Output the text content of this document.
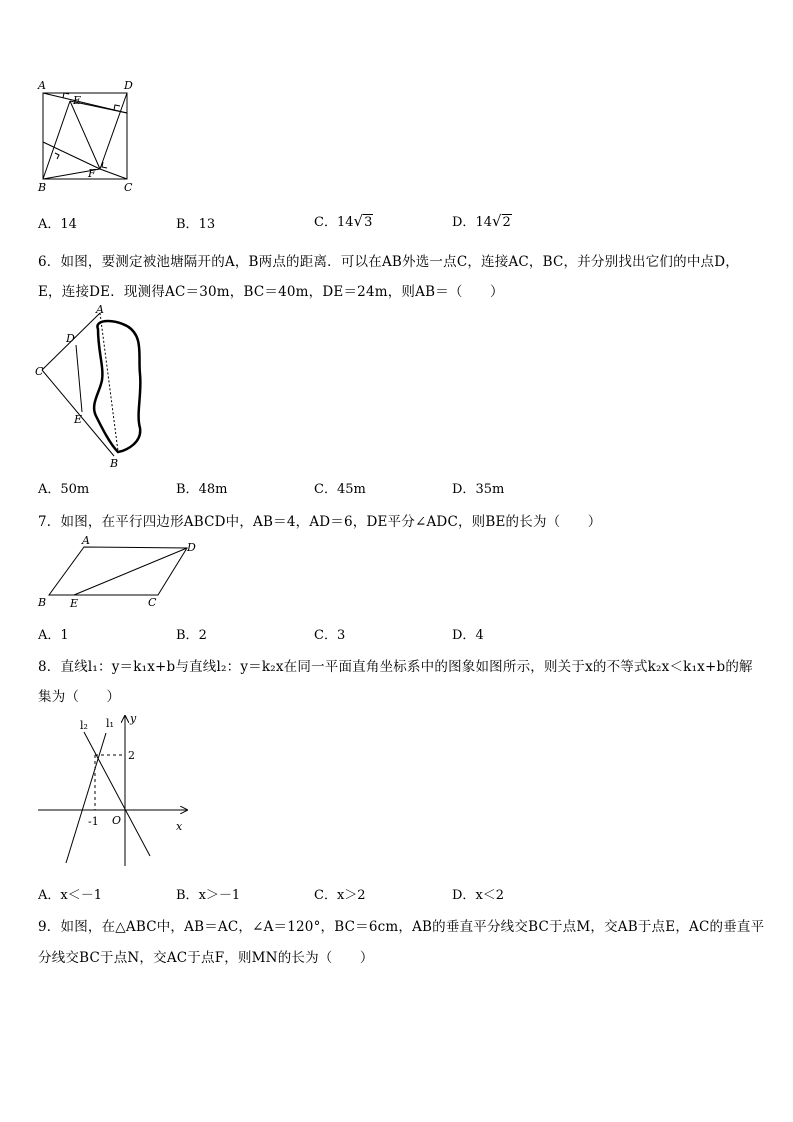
A	D
E
B
F
C
A．14	B．13	C．14√3	D．14√2
6．如图，要测定被池塘隔开的A，B两点的距离．可以在AB外选一点C，连接AC，BC，并分别找出它们的中点D，
E，连接DE．现测得AC＝30m，BC＝40m，DE＝24m，则AB＝（　　）
A
D
C
E
B
A．50m	B．48m	C．45m	D．35m
7．如图，在平行四边形ABCD中，AB＝4，AD＝6，DE平分∠ADC，则BE的长为（　　）
A
D
B E	C
A．1	B．2	C．3	D．4
8．直线l₁：y＝k₁x+b与直线l₂：y＝k₂x在同一平面直角坐标系中的图象如图所示，则关于x的不等式k₂x＜k₁x+b的解
集为（　　）
l₂ l₁ y
x
2
-1 O
A．x＜－1	B．x＞－1	C．x＞2	D．x＜2
9．如图，在△ABC中，AB＝AC，∠A＝120°，BC＝6cm，AB的垂直平分线交BC于点M，交AB于点E，AC的垂直平
分线交BC于点N，交AC于点F，则MN的长为（　　）
